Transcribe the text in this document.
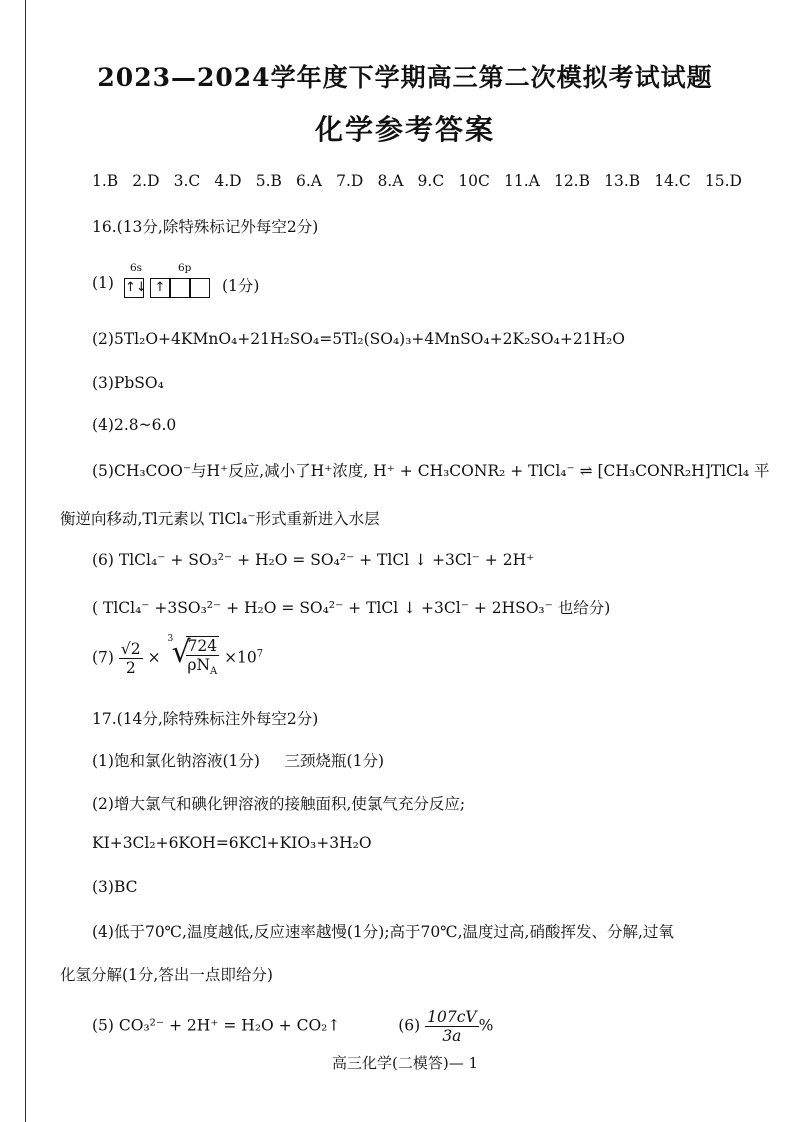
2023—2024学年度下学期高三第二次模拟考试试题
化学参考答案
1.B 2.D 3.C 4.D 5.B 6.A 7.D 8.A 9.C 10C 11.A 12.B 13.B 14.C 15.D
16.(13分,除特殊标记外每空2分)
(1)
6s	6p
↑↓ ↑	(1分)
(2)5Tl₂O+4KMnO₄+21H₂SO₄=5Tl₂(SO₄)₃+4MnSO₄+2K₂SO₄+21H₂O
(3)PbSO₄
(4)2.8~6.0
(5)CH₃COO⁻与H⁺反应,减小了H⁺浓度, H⁺ + CH₃CONR₂ + TlCl₄⁻ ⇌ [CH₃CONR₂H]TlCl₄ 平
衡逆向移动,Tl元素以 TlCl₄⁻形式重新进入水层
(6) TlCl₄⁻ + SO₃²⁻ + H₂O = SO₄²⁻ + TlCl ↓ +3Cl⁻ + 2H⁺
( TlCl₄⁻ +3SO₃²⁻ + H₂O = SO₄²⁻ + TlCl ↓ +3Cl⁻ + 2HSO₃⁻ 也给分)
$(7) \frac{√2}{2}$ ×
3
√
$\frac{724}{\rho N_A} \times 10^7$
17.(14分,除特殊标注外每空2分)
(1)饱和氯化钠溶液(1分)     三颈烧瓶(1分)
(2)增大氯气和碘化钾溶液的接触面积,使氯气充分反应;
KI+3Cl₂+6KOH=6KCl+KIO₃+3H₂O
(3)BC
(4)低于70℃,温度越低,反应速率越慢(1分);高于70℃,温度过高,硝酸挥发、分解,过氧
化氢分解(1分,答出一点即给分)
(5) CO₃²⁻ + 2H⁺ = H₂O + CO₂↑	$(6) \frac{107cV}{3a}$ %
高三化学(二模答)— 1
